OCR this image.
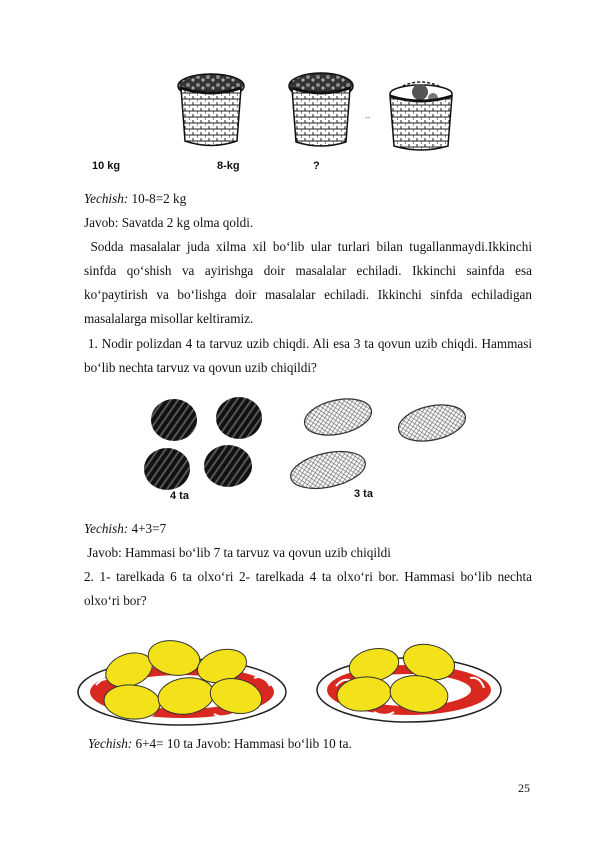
--
10 kg	8-kg	?
Yechish: 10-8=2 kg
Javob: Savatda 2 kg olma qoldi.
Sodda masalalar juda xilma xil bo‘lib ular turlari bilan tugallanmaydi.Ikkinchi
sinfda qo‘shish va ayirishga doir masalalar echiladi. Ikkinchi sainfda esa
ko‘paytirish va bo‘lishga doir masalalar echiladi. Ikkinchi sinfda echiladigan
masalalarga misollar keltiramiz.
1. Nodir polizdan 4 ta tarvuz uzib chiqdi. Ali esa 3 ta qovun uzib chiqdi. Hammasi
bo‘lib nechta tarvuz va qovun uzib chiqildi?
4 ta	3 ta
Yechish: 4+3=7
Javob: Hammasi bo‘lib 7 ta tarvuz va qovun uzib chiqildi
2. 1- tarelkada 6 ta olxo‘ri 2- tarelkada 4 ta olxo‘ri bor. Hammasi bo‘lib nechta
olxo‘ri bor?
Yechish: 6+4= 10 ta Javob: Hammasi bo‘lib 10 ta.
25
